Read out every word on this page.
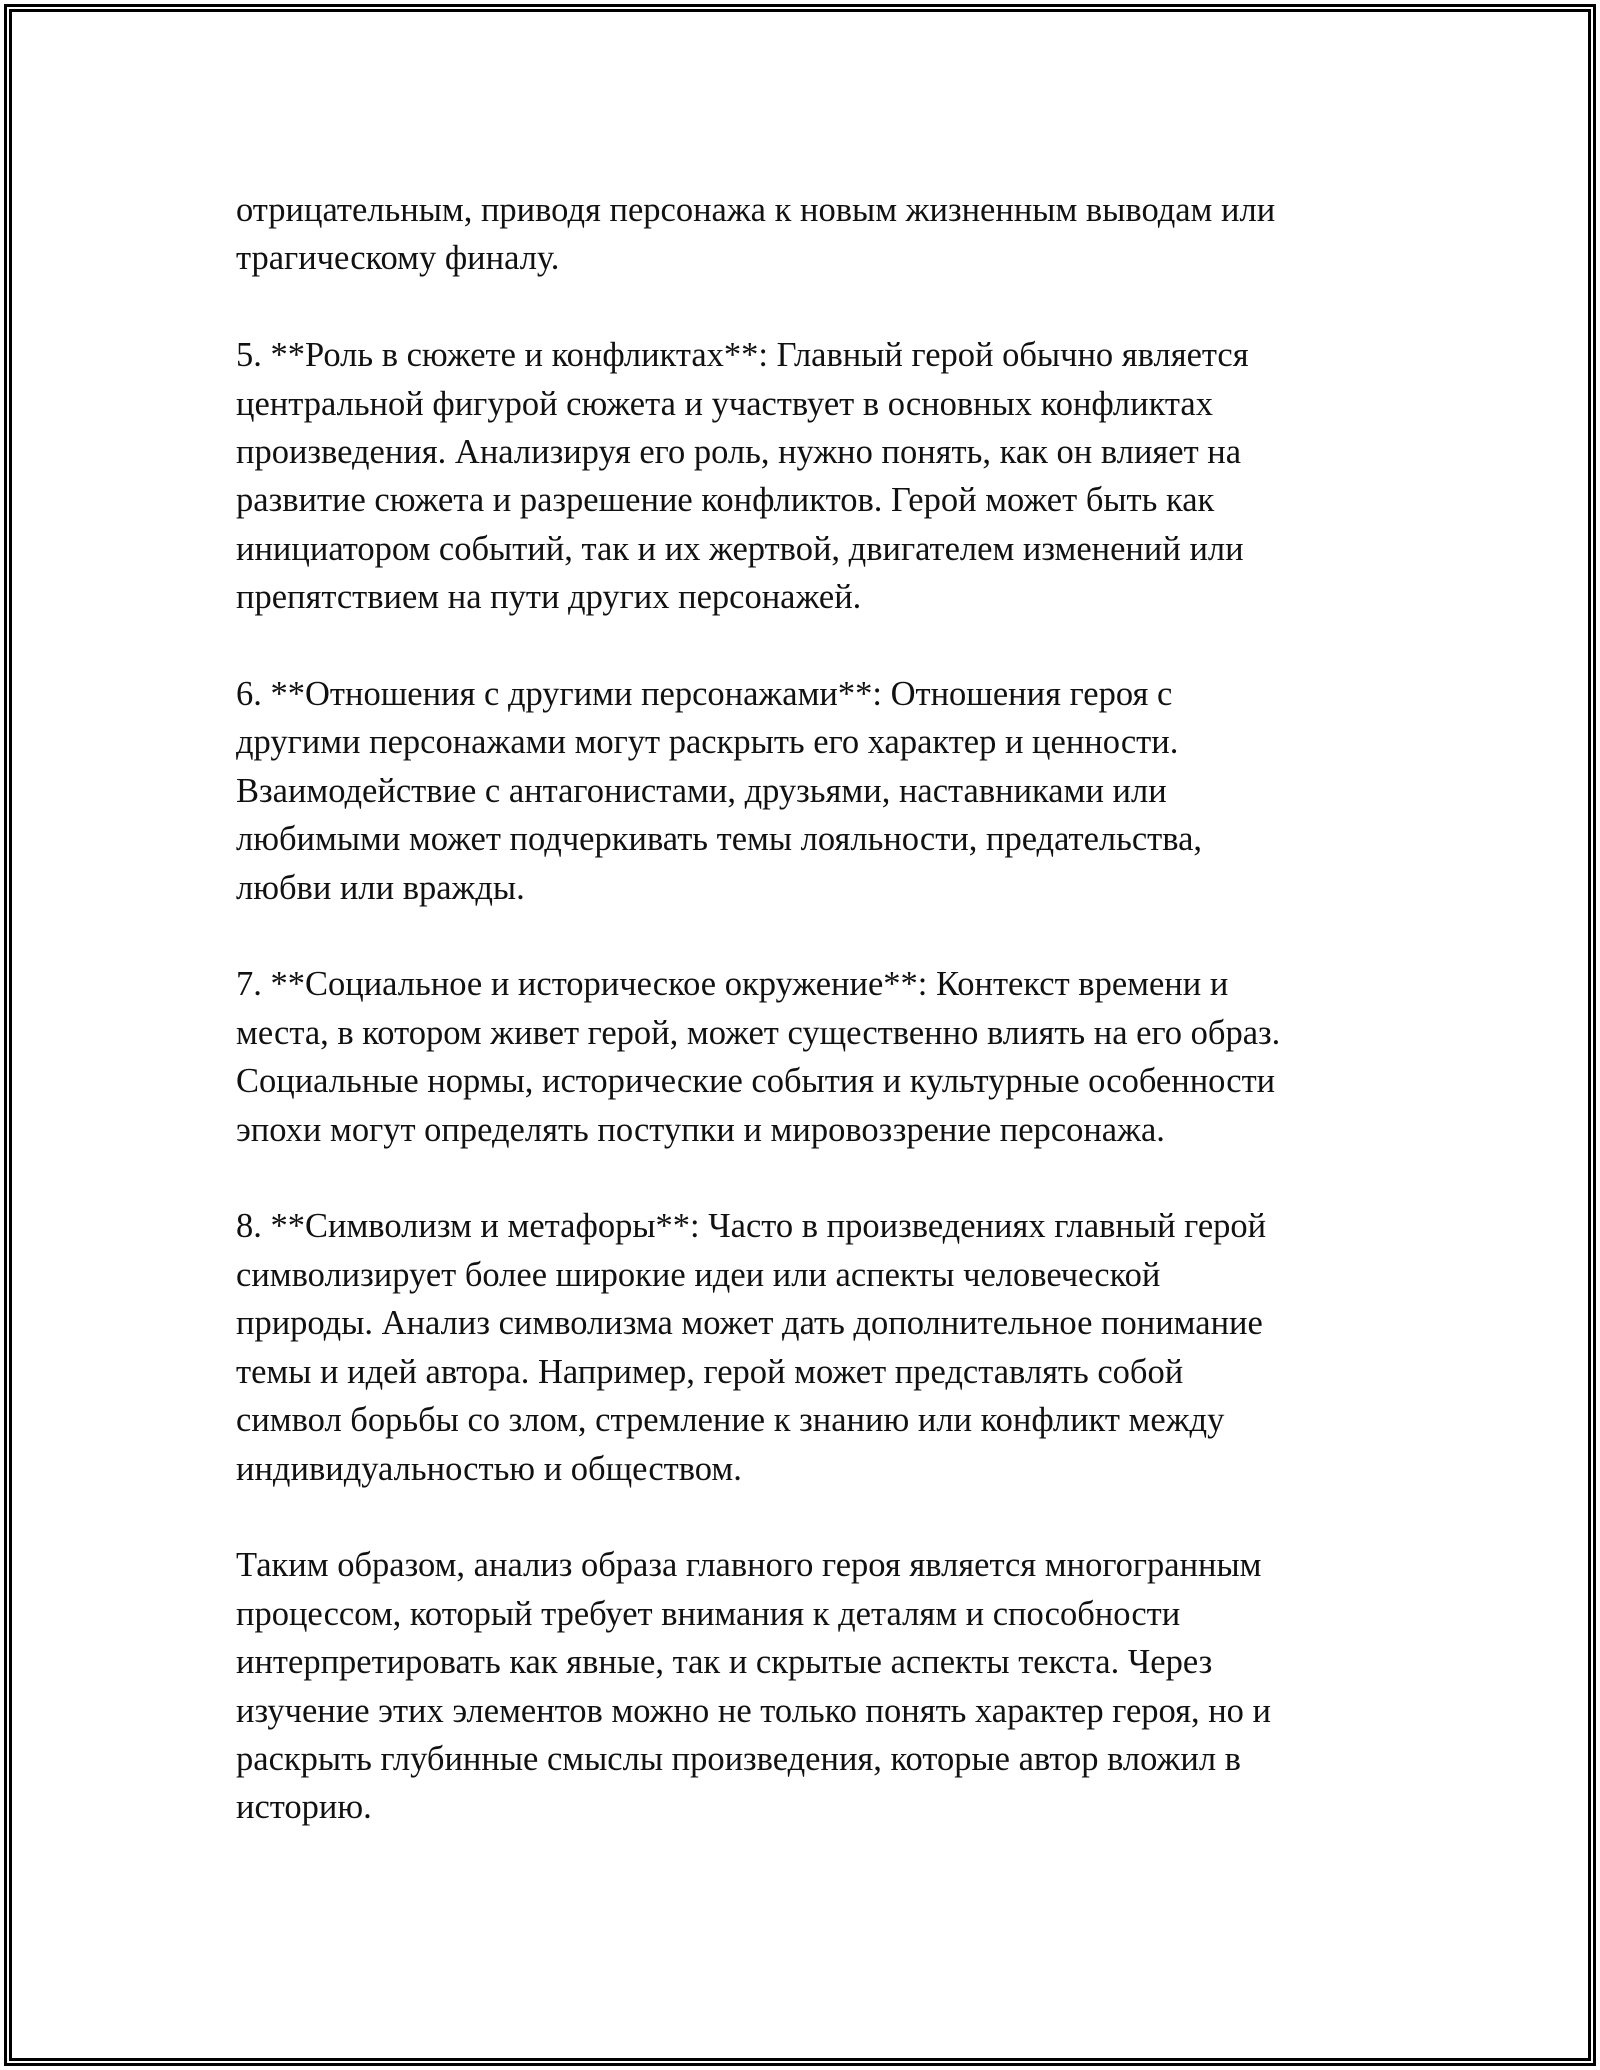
отрицательным, приводя персонажа к новым жизненным выводам или
трагическому финалу.
5. **Роль в сюжете и конфликтах**: Главный герой обычно является
центральной фигурой сюжета и участвует в основных конфликтах
произведения. Анализируя его роль, нужно понять, как он влияет на
развитие сюжета и разрешение конфликтов. Герой может быть как
инициатором событий, так и их жертвой, двигателем изменений или
препятствием на пути других персонажей.
6. **Отношения с другими персонажами**: Отношения героя с
другими персонажами могут раскрыть его характер и ценности.
Взаимодействие с антагонистами, друзьями, наставниками или
любимыми может подчеркивать темы лояльности, предательства,
любви или вражды.
7. **Социальное и историческое окружение**: Контекст времени и
места, в котором живет герой, может существенно влиять на его образ.
Социальные нормы, исторические события и культурные особенности
эпохи могут определять поступки и мировоззрение персонажа.
8. **Символизм и метафоры**: Часто в произведениях главный герой
символизирует более широкие идеи или аспекты человеческой
природы. Анализ символизма может дать дополнительное понимание
темы и идей автора. Например, герой может представлять собой
символ борьбы со злом, стремление к знанию или конфликт между
индивидуальностью и обществом.
Таким образом, анализ образа главного героя является многогранным
процессом, который требует внимания к деталям и способности
интерпретировать как явные, так и скрытые аспекты текста. Через
изучение этих элементов можно не только понять характер героя, но и
раскрыть глубинные смыслы произведения, которые автор вложил в
историю.
